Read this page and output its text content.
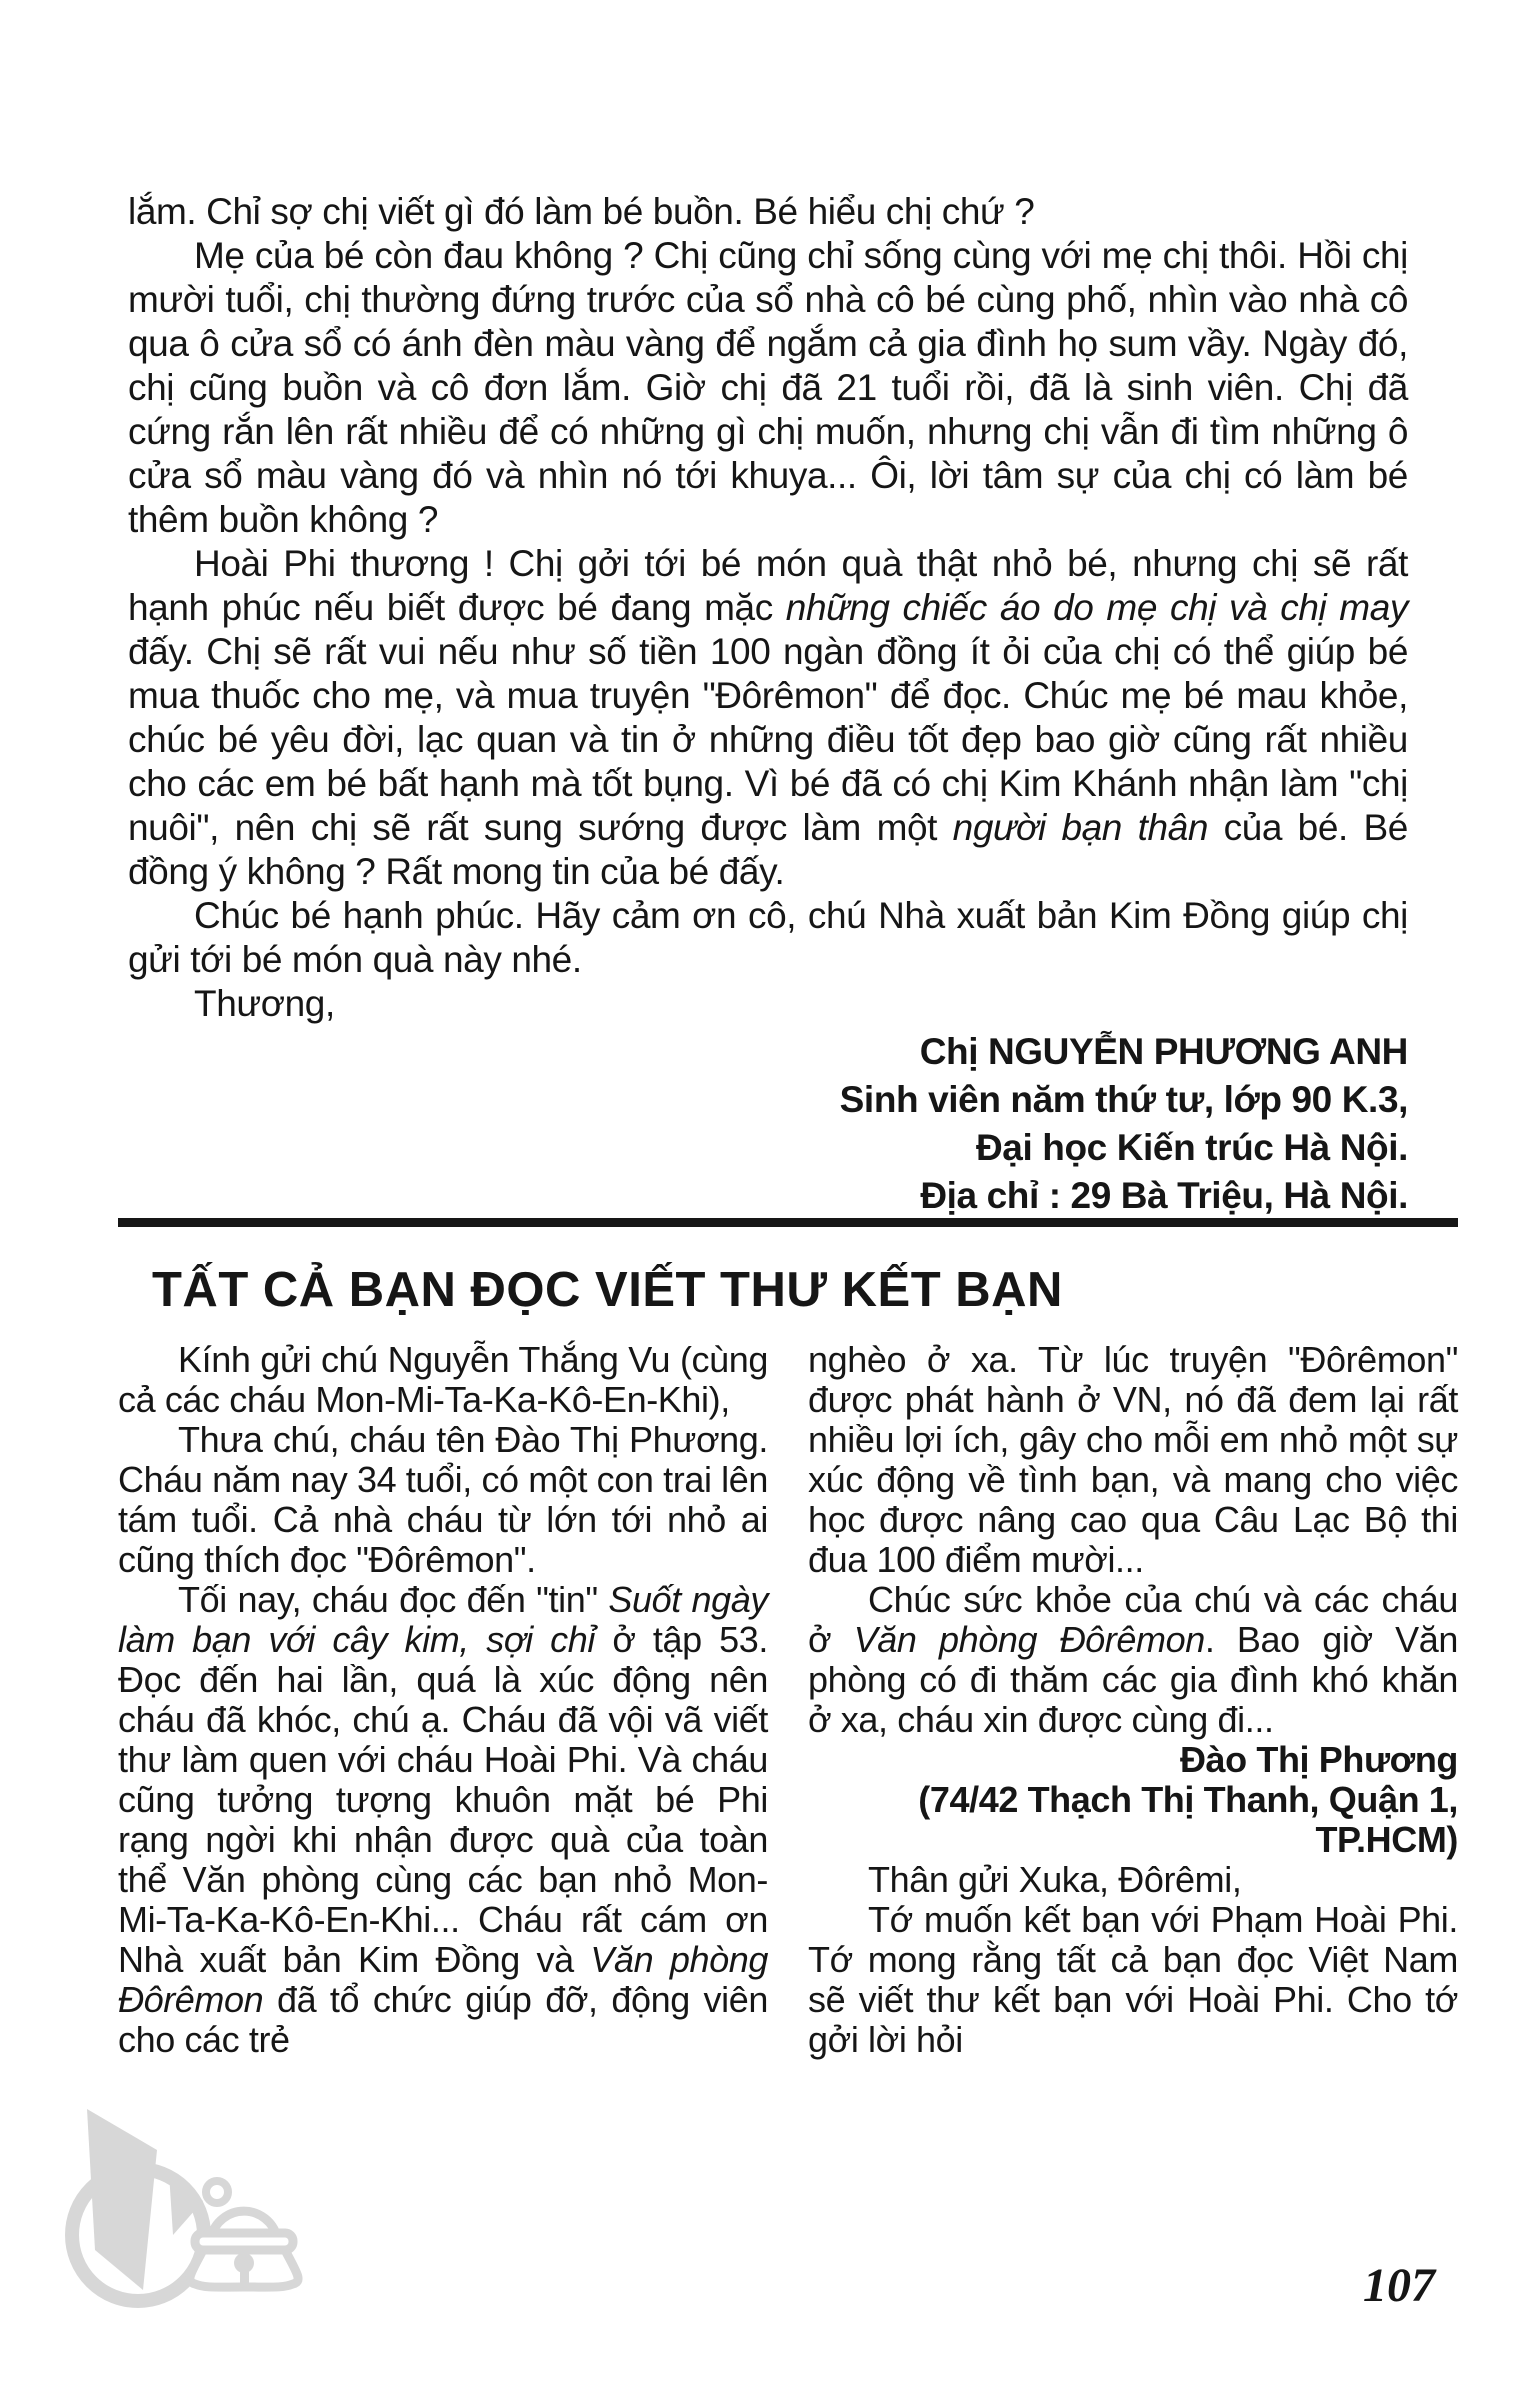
lắm. Chỉ sợ chị viết gì đó làm bé buồn. Bé hiểu chị chứ ?

Mẹ của bé còn đau không ? Chị cũng chỉ sống cùng với mẹ chị thôi. Hồi chị mười tuổi, chị thường đứng trước của sổ nhà cô bé cùng phố, nhìn vào nhà cô qua ô cửa sổ có ánh đèn màu vàng để ngắm cả gia đình họ sum vầy. Ngày đó, chị cũng buồn và cô đơn lắm. Giờ chị đã 21 tuổi rồi, đã là sinh viên. Chị đã cứng rắn lên rất nhiều để có những gì chị muốn, nhưng chị vẫn đi tìm những ô cửa sổ màu vàng đó và nhìn nó tới khuya... Ôi, lời tâm sự của chị có làm bé thêm buồn không ?

Hoài Phi thương ! Chị gởi tới bé món quà thật nhỏ bé, nhưng chị sẽ rất hạnh phúc nếu biết được bé đang mặc những chiếc áo do mẹ chị và chị may đấy. Chị sẽ rất vui nếu như số tiền 100 ngàn đồng ít ỏi của chị có thể giúp bé mua thuốc cho mẹ, và mua truyện "Đôrêmon" để đọc. Chúc mẹ bé mau khỏe, chúc bé yêu đời, lạc quan và tin ở những điều tốt đẹp bao giờ cũng rất nhiều cho các em bé bất hạnh mà tốt bụng. Vì bé đã có chị Kim Khánh nhận làm "chị nuôi", nên chị sẽ rất sung sướng được làm một người bạn thân của bé. Bé đồng ý không ? Rất mong tin của bé đấy.

Chúc bé hạnh phúc. Hãy cảm ơn cô, chú Nhà xuất bản Kim Đồng giúp chị gửi tới bé món quà này nhé.

Thương,

Chị NGUYỄN PHƯƠNG ANH
Sinh viên năm thứ tư, lớp 90 K.3,
Đại học Kiến trúc Hà Nội.
Địa chỉ : 29 Bà Triệu, Hà Nội.
TẤT CẢ BẠN ĐỌC VIẾT THƯ KẾT BẠN

Kính gửi chú Nguyễn Thắng Vu (cùng cả các cháu Mon-Mi-Ta-Ka-Kô-En-Khi),

Thưa chú, cháu tên Đào Thị Phương. Cháu năm nay 34 tuổi, có một con trai lên tám tuổi. Cả nhà cháu từ lớn tới nhỏ ai cũng thích đọc "Đôrêmon".

Tối nay, cháu đọc đến "tin" Suốt ngày làm bạn với cây kim, sợi chỉ ở tập 53. Đọc đến hai lần, quá là xúc động nên cháu đã khóc, chú ạ. Cháu đã vội vã viết thư làm quen với cháu Hoài Phi. Và cháu cũng tưởng tượng khuôn mặt bé Phi rạng ngời khi nhận được quà của toàn thể Văn phòng cùng các bạn nhỏ Mon-Mi-Ta-Ka-Kô-En-Khi... Cháu rất cám ơn Nhà xuất bản Kim Đồng và Văn phòng Đôrêmon đã tổ chức giúp đỡ, động viên cho các trẻ

nghèo ở xa. Từ lúc truyện "Đôrêmon" được phát hành ở VN, nó đã đem lại rất nhiều lợi ích, gây cho mỗi em nhỏ một sự xúc động về tình bạn, và mang cho việc học được nâng cao qua Câu Lạc Bộ thi đua 100 điểm mười...

Chúc sức khỏe của chú và các cháu ở Văn phòng Đôrêmon. Bao giờ Văn phòng có đi thăm các gia đình khó khăn ở xa, cháu xin được cùng đi...

Đào Thị Phương
(74/42 Thạch Thị Thanh, Quận 1,
TP.HCM)

Thân gửi Xuka, Đôrêmi,

Tớ muốn kết bạn với Phạm Hoài Phi. Tớ mong rằng tất cả bạn đọc Việt Nam sẽ viết thư kết bạn với Hoài Phi. Cho tớ gởi lời hỏi

107
